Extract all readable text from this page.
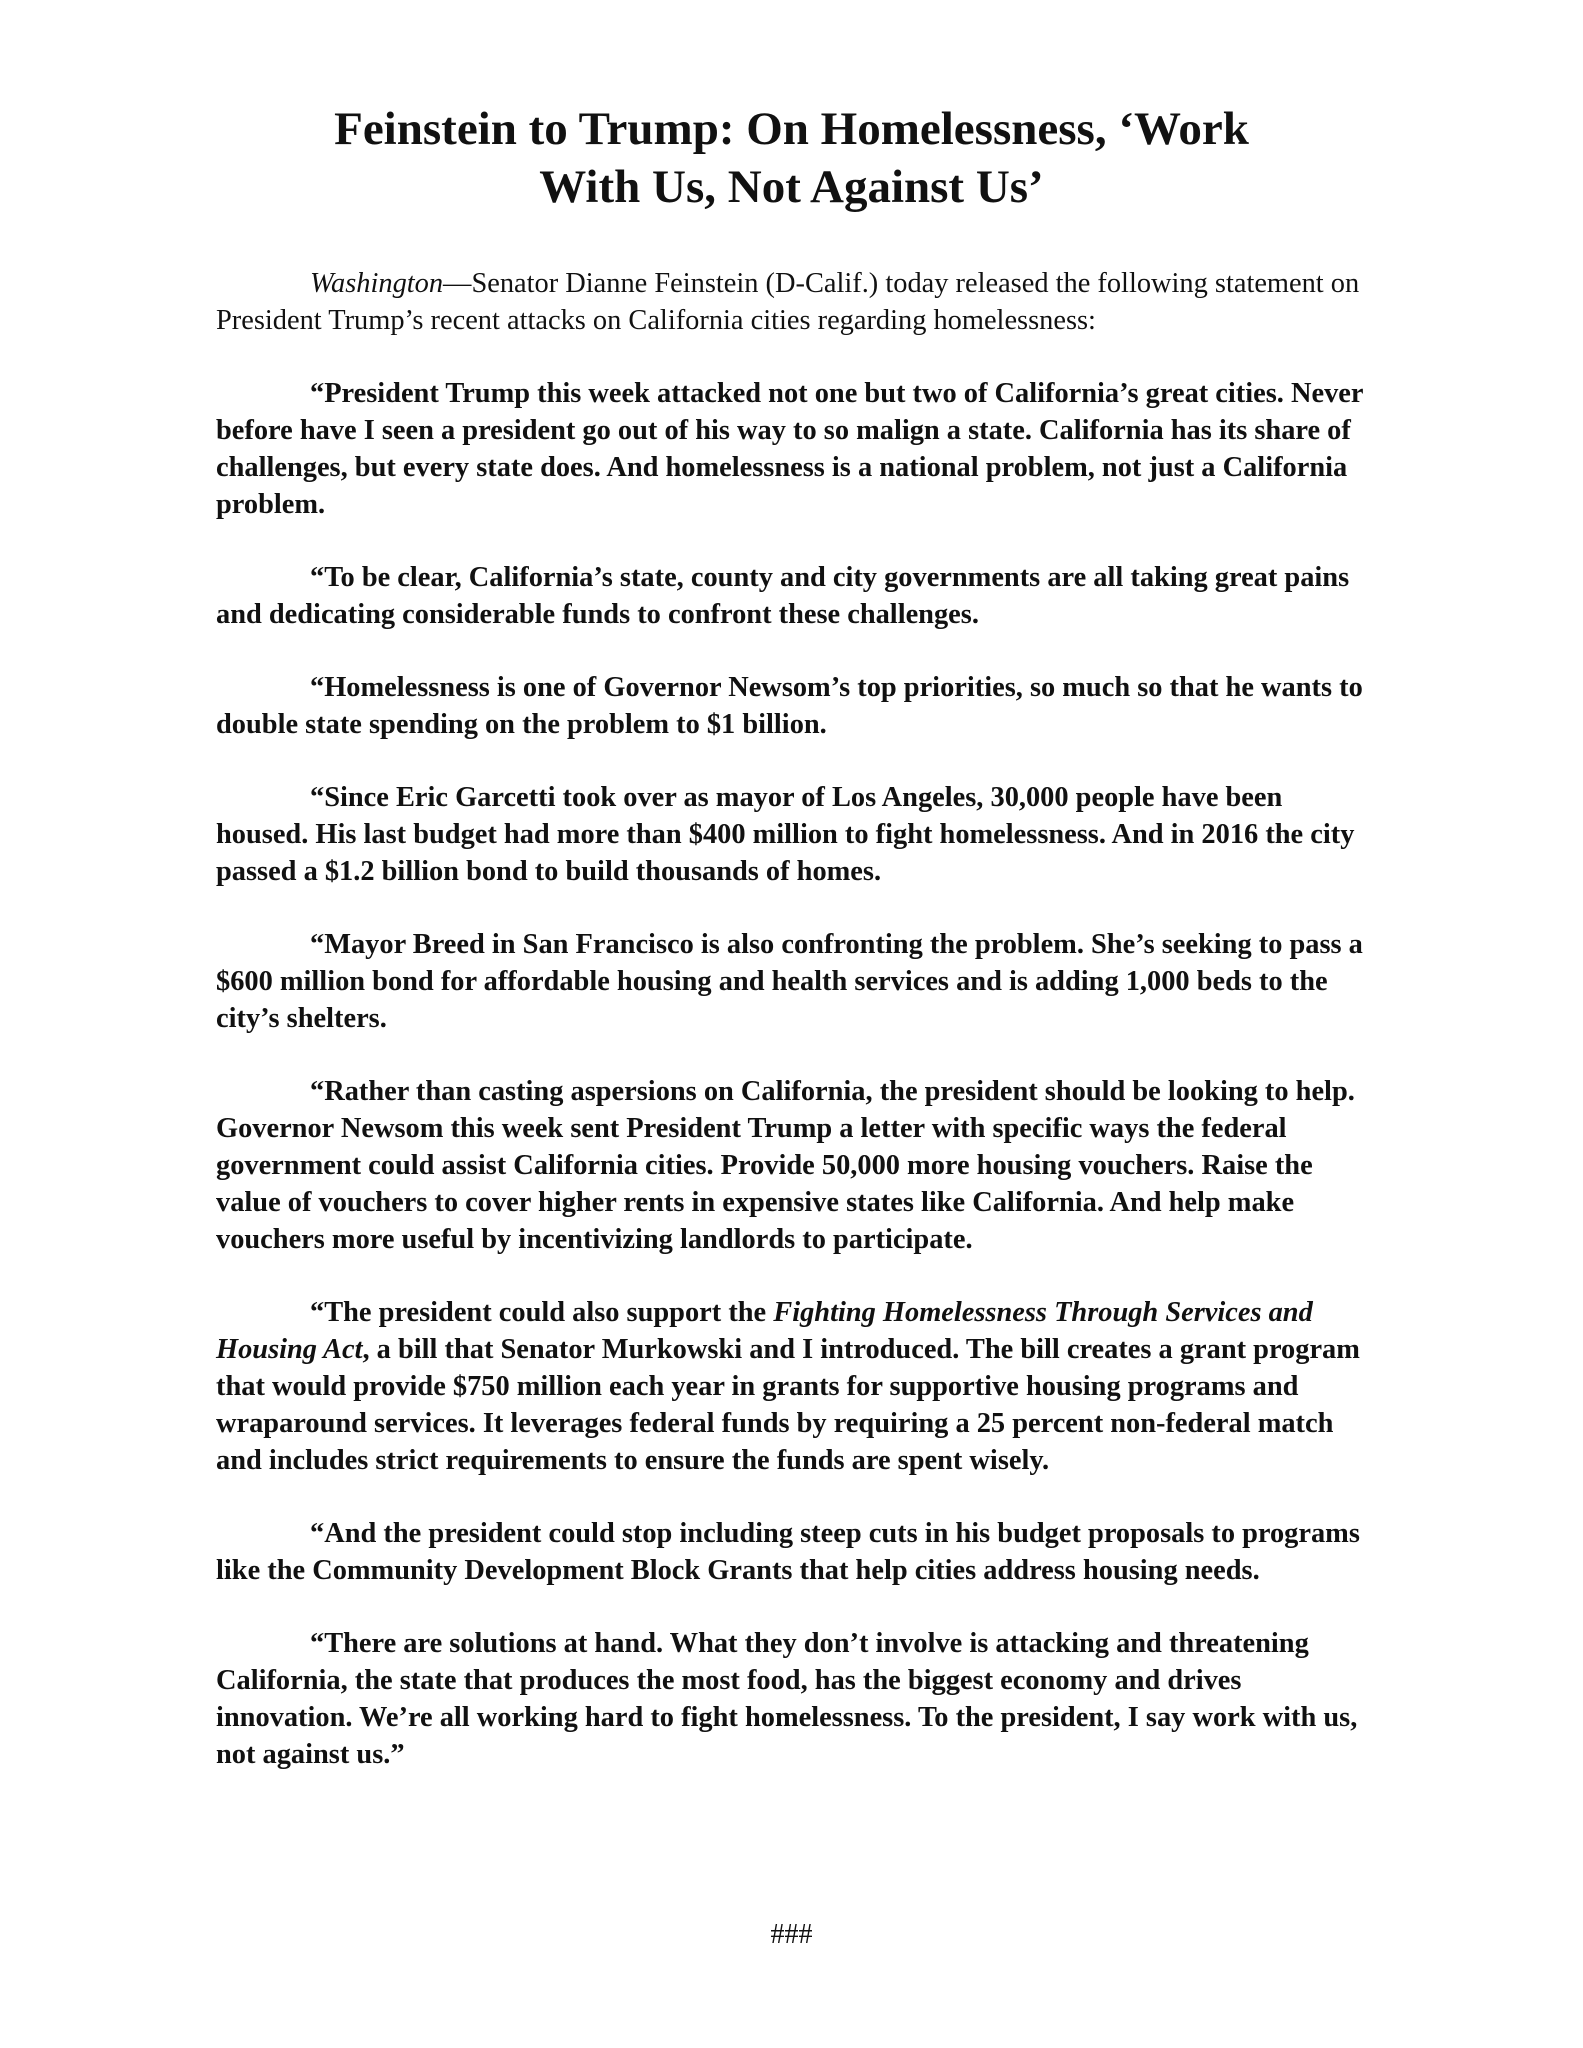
Feinstein to Trump: On Homelessness, ‘Work
With Us, Not Against Us’

Washington—Senator Dianne Feinstein (D-Calif.) today released the following statement on President Trump’s recent attacks on California cities regarding homelessness:

“President Trump this week attacked not one but two of California’s great cities. Never before have I seen a president go out of his way to so malign a state. California has its share of challenges, but every state does. And homelessness is a national problem, not just a California problem.

“To be clear, California’s state, county and city governments are all taking great pains and dedicating considerable funds to confront these challenges.

“Homelessness is one of Governor Newsom’s top priorities, so much so that he wants to double state spending on the problem to $1 billion.

“Since Eric Garcetti took over as mayor of Los Angeles, 30,000 people have been housed. His last budget had more than $400 million to fight homelessness. And in 2016 the city passed a $1.2 billion bond to build thousands of homes.

“Mayor Breed in San Francisco is also confronting the problem. She’s seeking to pass a $600 million bond for affordable housing and health services and is adding 1,000 beds to the city’s shelters.

“Rather than casting aspersions on California, the president should be looking to help. Governor Newsom this week sent President Trump a letter with specific ways the federal government could assist California cities. Provide 50,000 more housing vouchers. Raise the value of vouchers to cover higher rents in expensive states like California. And help make vouchers more useful by incentivizing landlords to participate.

“The president could also support the Fighting Homelessness Through Services and Housing Act, a bill that Senator Murkowski and I introduced. The bill creates a grant program that would provide $750 million each year in grants for supportive housing programs and wraparound services. It leverages federal funds by requiring a 25 percent non-federal match and includes strict requirements to ensure the funds are spent wisely.

“And the president could stop including steep cuts in his budget proposals to programs like the Community Development Block Grants that help cities address housing needs.

“There are solutions at hand. What they don’t involve is attacking and threatening California, the state that produces the most food, has the biggest economy and drives innovation. We’re all working hard to fight homelessness. To the president, I say work with us, not against us.”

###
